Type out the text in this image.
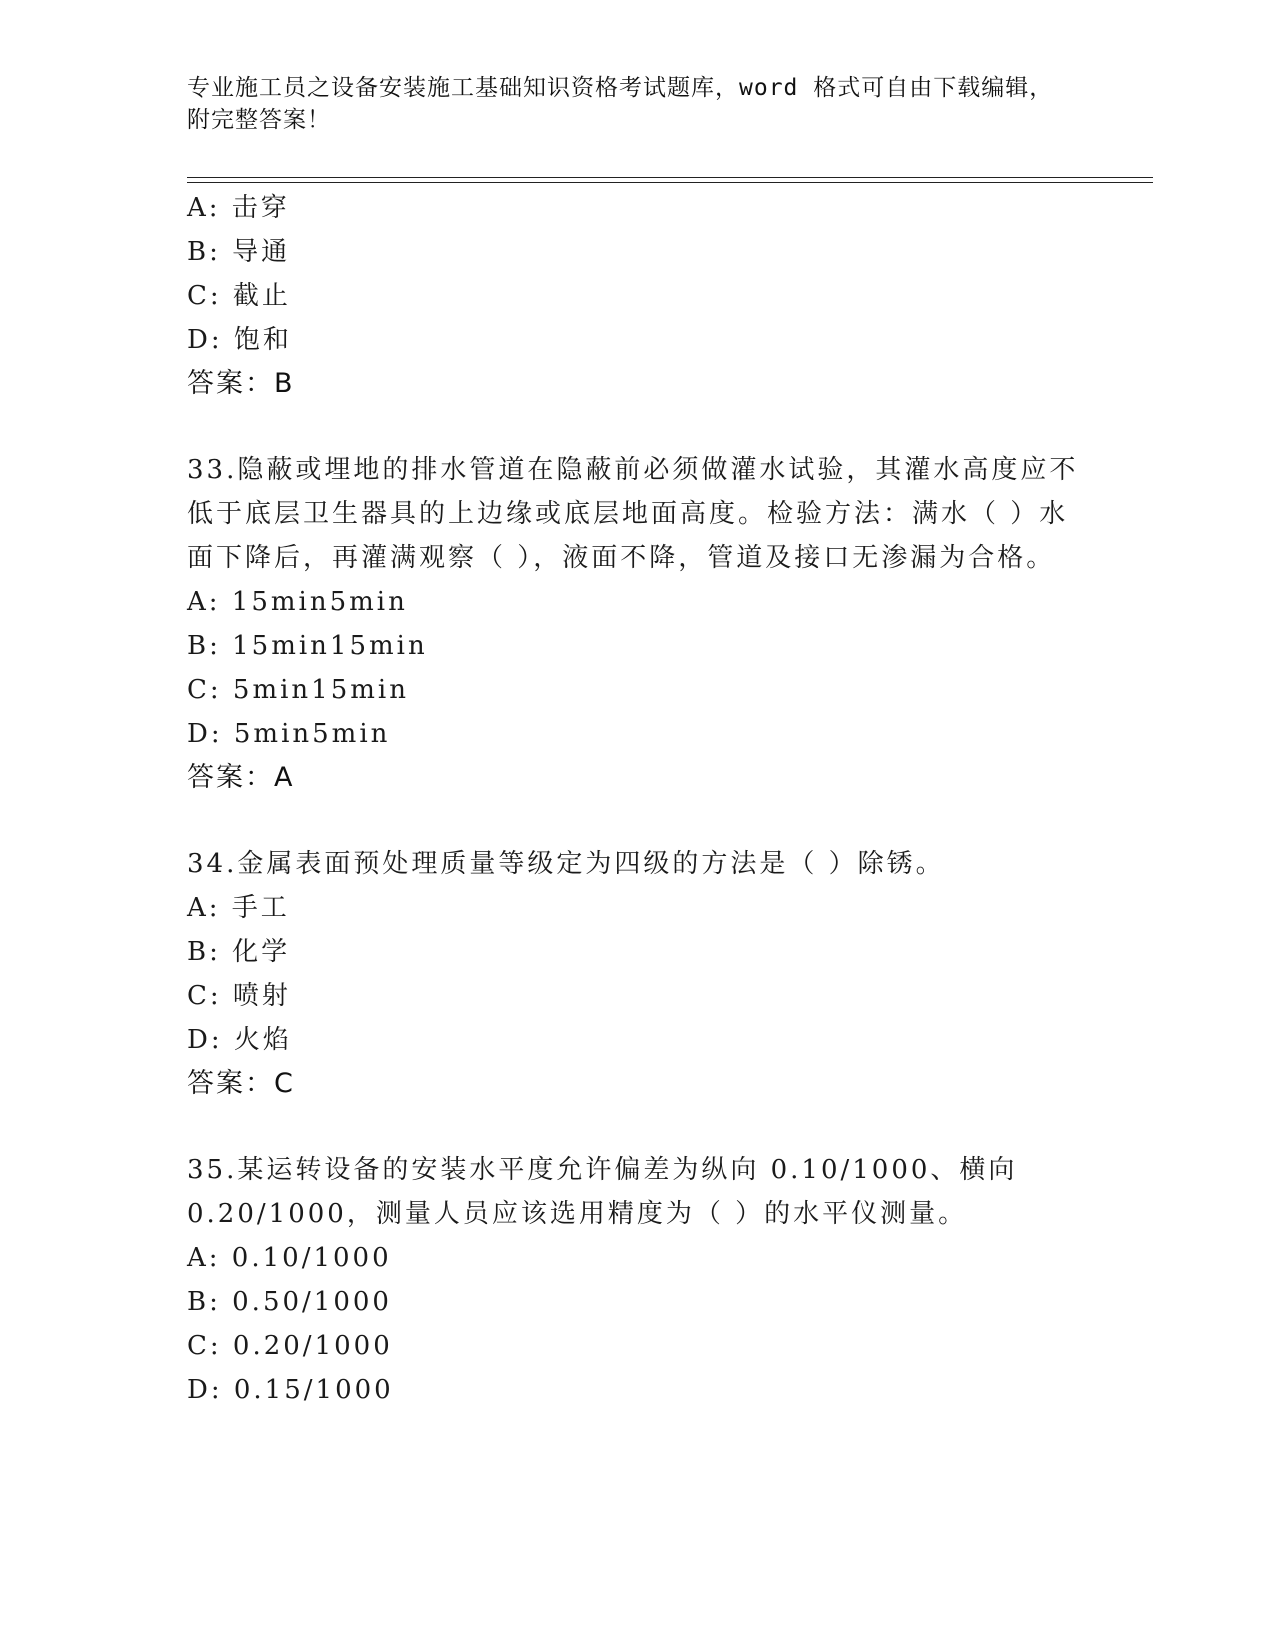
专业施工员之设备安装施工基础知识资格考试题库，word 格式可自由下载编辑，
附完整答案！
A: 击穿
B: 导通
C: 截止
D: 饱和
答案：B
33.隐蔽或埋地的排水管道在隐蔽前必须做灌水试验，其灌水高度应不
低于底层卫生器具的上边缘或底层地面高度。检验方法：满水（ ）水
面下降后，再灌满观察（ ），液面不降，管道及接口无渗漏为合格。
A: 15min5min
B: 15min15min
C: 5min15min
D: 5min5min
答案：A
34.金属表面预处理质量等级定为四级的方法是（ ）除锈。
A: 手工
B: 化学
C: 喷射
D: 火焰
答案：C
35.某运转设备的安装水平度允许偏差为纵向 0.10/1000、横向
0.20/1000，测量人员应该选用精度为（ ）的水平仪测量。
A: 0.10/1000
B: 0.50/1000
C: 0.20/1000
D: 0.15/1000
